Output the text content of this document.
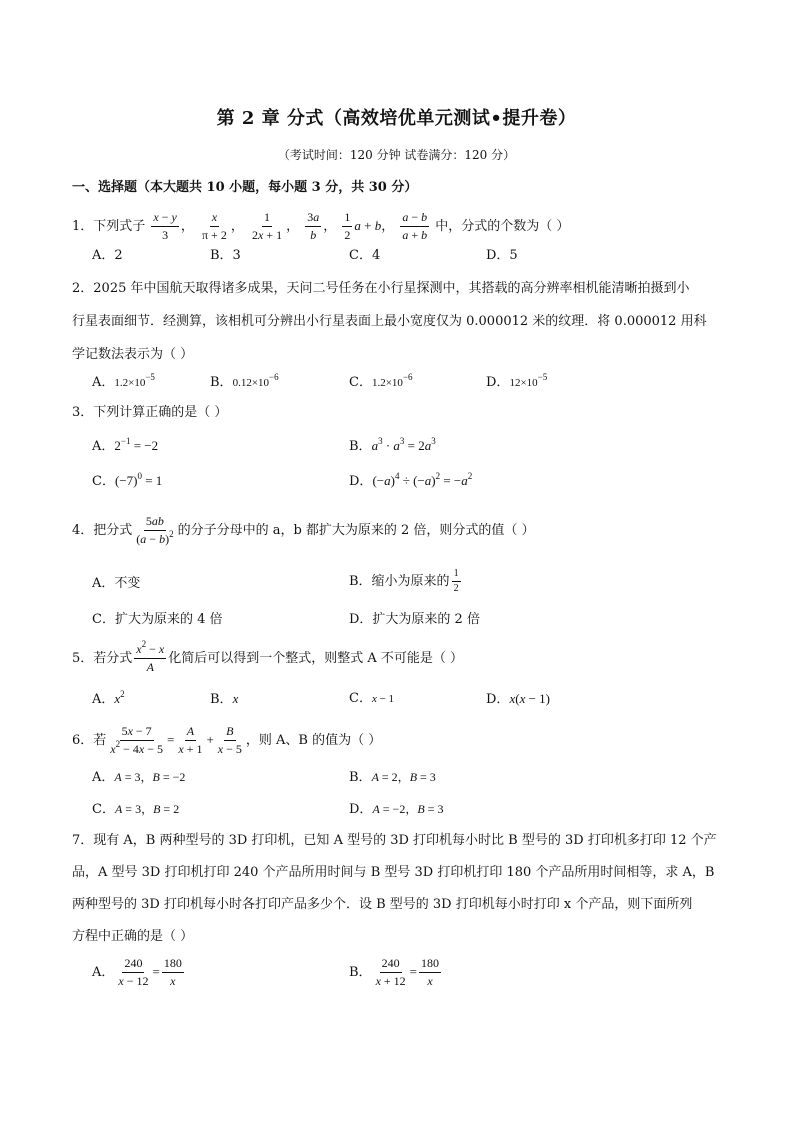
第 2 章 分式（高效培优单元测试•提升卷）
（考试时间：120 分钟 试卷满分：120 分）
一、选择题（本大题共 10 小题，每小题 3 分，共 30 分）
1．下列式子 $\frac{x - y}{3}$ ， $\frac{x}{\pi + 2}$ ， $\frac{1}{2x + 1}$ ， $\frac{3a}{b}$ ， $\frac{1}{2}$ a + b， $\frac{a - b}{a + b}$ 中，分式的个数为（ ）
A．2	B．3	C．4	D．5
2．2025 年中国航天取得诸多成果，天问二号任务在小行星探测中，其搭载的高分辨率相机能清晰拍摄到小
行星表面细节．经测算，该相机可分辨出小行星表面上最小宽度仅为 0.000012 米的纹理．将 0.000012 用科
学记数法表示为（ ）
A．$1.2\times 10^{-5}$	B．$0.12\times 10^{-6}$	C．$1.2\times 10^{-6}$	D．$12\times 10^{-5}$
3．下列计算正确的是（ ）
A．$2^{-1} = -2$	B．$a^3 \cdot a^3 = 2a^3$
C．$(-7)^0 = 1$	D．$(-a)^4 \div (-a)^2 = -a^2$
4．把分式 $\frac{5ab}{(a - b)^2}$ 的分子分母中的 a，b 都扩大为原来的 2 倍，则分式的值（ ）
A．不变	B．缩小为原来的 $\frac{1}{2}$
C．扩大为原来的 4 倍	D．扩大为原来的 2 倍
5．若分式 $\frac{x^2 - x}{A}$ 化简后可以得到一个整式，则整式 A 不可能是（ ）
A．$x^2$	B．x	C．x − 1	D．x(x − 1)
6．若 $\frac{5x - 7}{x^2 - 4x - 5} = \frac{A}{x + 1} + \frac{B}{x - 5}$ ，则 A、B 的值为（ ）
A．A = 3，B = −2	B．A = 2，B = 3
C．A = 3，B = 2	D．A = −2，B = 3
7．现有 A，B 两种型号的 3D 打印机，已知 A 型号的 3D 打印机每小时比 B 型号的 3D 打印机多打印 12 个产
品，A 型号 3D 打印机打印 240 个产品所用时间与 B 型号 3D 打印机打印 180 个产品所用时间相等，求 A，B
两种型号的 3D 打印机每小时各打印产品多少个．设 B 型号的 3D 打印机每小时打印 x 个产品，则下面所列
方程中正确的是（ ）
A． $\frac{240}{x - 12} = \frac{180}{x}$	B． $\frac{240}{x + 12} = \frac{180}{x}$
